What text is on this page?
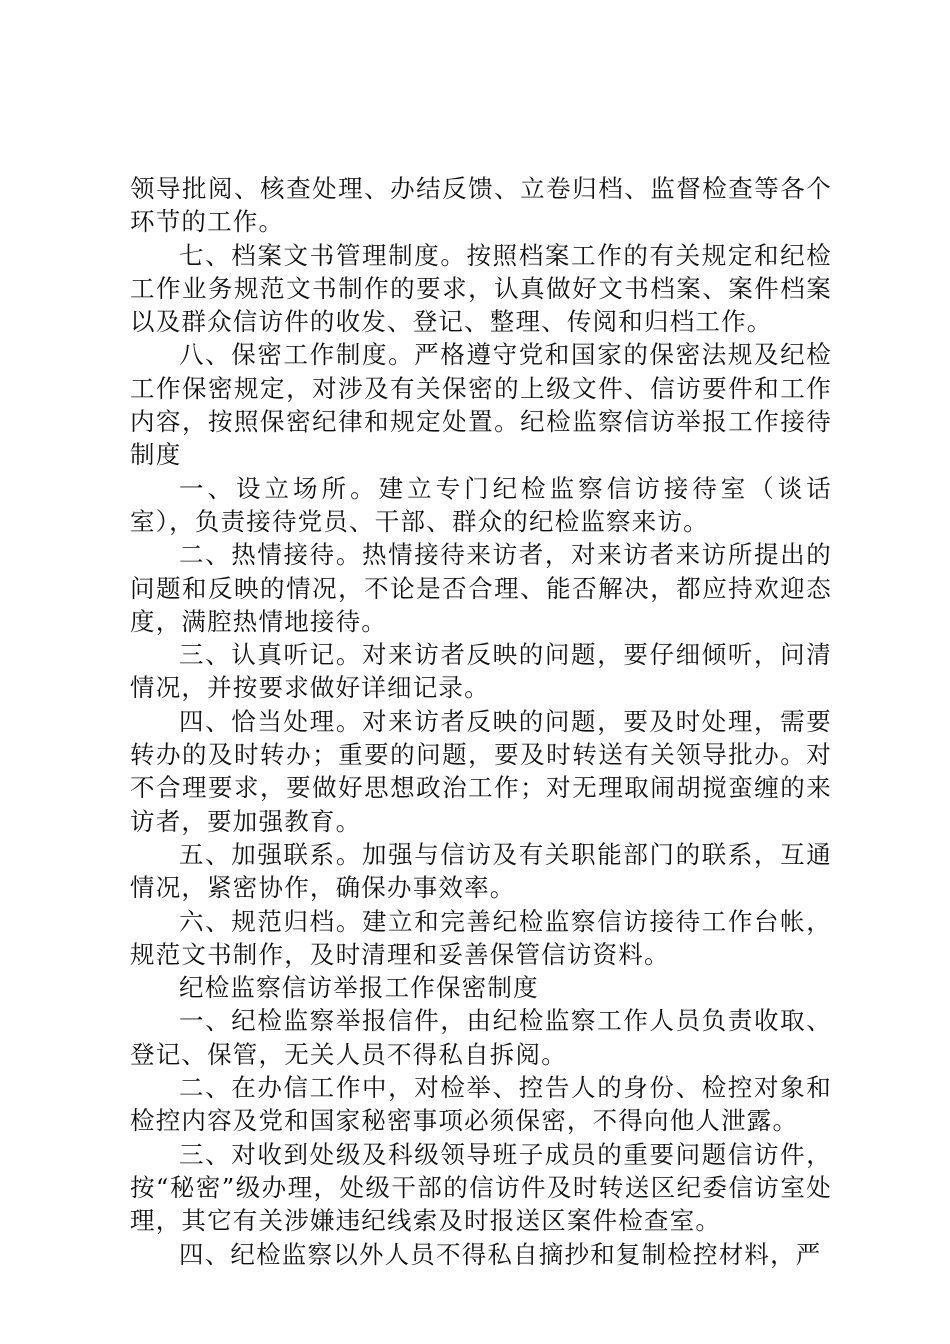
领导批阅、核查处理、办结反馈、立卷归档、监督检查等各个环节的工作。

七、档案文书管理制度。按照档案工作的有关规定和纪检工作业务规范文书制作的要求，认真做好文书档案、案件档案以及群众信访件的收发、登记、整理、传阅和归档工作。

八、保密工作制度。严格遵守党和国家的保密法规及纪检工作保密规定，对涉及有关保密的上级文件、信访要件和工作内容，按照保密纪律和规定处置。纪检监察信访举报工作接待制度

一、设立场所。建立专门纪检监察信访接待室（谈话室），负责接待党员、干部、群众的纪检监察来访。

二、热情接待。热情接待来访者，对来访者来访所提出的问题和反映的情况，不论是否合理、能否解决，都应持欢迎态度，满腔热情地接待。

三、认真听记。对来访者反映的问题，要仔细倾听，问清情况，并按要求做好详细记录。

四、恰当处理。对来访者反映的问题，要及时处理，需要转办的及时转办；重要的问题，要及时转送有关领导批办。对不合理要求，要做好思想政治工作；对无理取闹胡搅蛮缠的来访者，要加强教育。

五、加强联系。加强与信访及有关职能部门的联系，互通情况，紧密协作，确保办事效率。

六、规范归档。建立和完善纪检监察信访接待工作台帐，规范文书制作，及时清理和妥善保管信访资料。

纪检监察信访举报工作保密制度

一、纪检监察举报信件，由纪检监察工作人员负责收取、登记、保管，无关人员不得私自拆阅。

二、在办信工作中，对检举、控告人的身份、检控对象和检控内容及党和国家秘密事项必须保密，不得向他人泄露。

三、对收到处级及科级领导班子成员的重要问题信访件，按“秘密”级办理，处级干部的信访件及时转送区纪委信访室处理，其它有关涉嫌违纪线索及时报送区案件检查室。

四、纪检监察以外人员不得私自摘抄和复制检控材料，严
